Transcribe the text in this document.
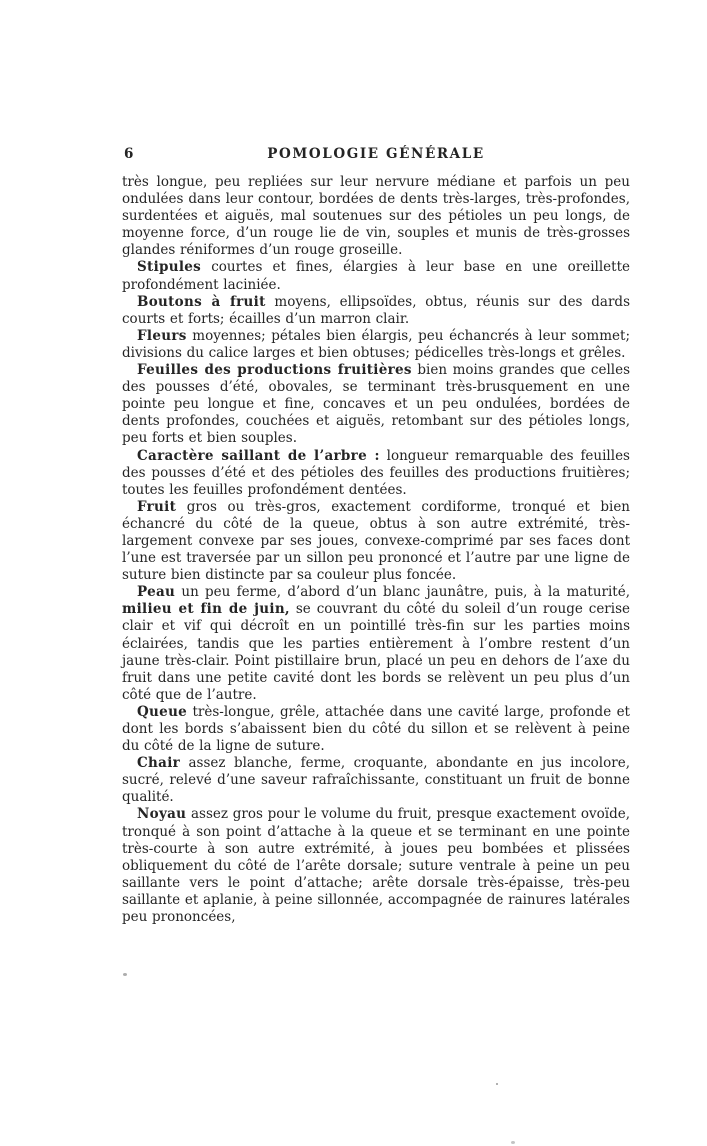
6	POMOLOGIE GÉNÉRALE

très longue, peu repliées sur leur nervure médiane et parfois un peu ondulées dans leur contour, bordées de dents très-larges, très-profondes, surdentées et aiguës, mal soutenues sur des pétioles un peu longs, de moyenne force, d’un rouge lie de vin, souples et munis de très-grosses glandes réniformes d’un rouge groseille.

Stipules courtes et fines, élargies à leur base en une oreillette profondément laciniée.

Boutons à fruit moyens, ellipsoïdes, obtus, réunis sur des dards courts et forts; écailles d’un marron clair.

Fleurs moyennes; pétales bien élargis, peu échancrés à leur sommet; divisions du calice larges et bien obtuses; pédicelles très-longs et grêles.

Feuilles des productions fruitières bien moins grandes que celles des pousses d’été, obovales, se terminant très-brusquement en une pointe peu longue et fine, concaves et un peu ondulées, bordées de dents profondes, couchées et aiguës, retombant sur des pétioles longs, peu forts et bien souples.

Caractère saillant de l’arbre : longueur remarquable des feuilles des pousses d’été et des pétioles des feuilles des productions fruitières; toutes les feuilles profondément dentées.

Fruit gros ou très-gros, exactement cordiforme, tronqué et bien échancré du côté de la queue, obtus à son autre extrémité, très-largement convexe par ses joues, convexe-comprimé par ses faces dont l’une est traversée par un sillon peu prononcé et l’autre par une ligne de suture bien distincte par sa couleur plus foncée.

Peau un peu ferme, d’abord d’un blanc jaunâtre, puis, à la maturité, milieu et fin de juin, se couvrant du côté du soleil d’un rouge cerise clair et vif qui décroît en un pointillé très-fin sur les parties moins éclairées, tandis que les parties entièrement à l’ombre restent d’un jaune très-clair. Point pistillaire brun, placé un peu en dehors de l’axe du fruit dans une petite cavité dont les bords se relèvent un peu plus d’un côté que de l’autre.

Queue très-longue, grêle, attachée dans une cavité large, profonde et dont les bords s’abaissent bien du côté du sillon et se relèvent à peine du côté de la ligne de suture.

Chair assez blanche, ferme, croquante, abondante en jus incolore, sucré, relevé d’une saveur rafraîchissante, constituant un fruit de bonne qualité.

Noyau assez gros pour le volume du fruit, presque exactement ovoïde, tronqué à son point d’attache à la queue et se terminant en une pointe très-courte à son autre extrémité, à joues peu bombées et plissées obliquement du côté de l’arête dorsale; suture ventrale à peine un peu saillante vers le point d’attache; arête dorsale très-épaisse, très-peu saillante et aplanie, à peine sillonnée, accompagnée de rainures latérales peu prononcées,
